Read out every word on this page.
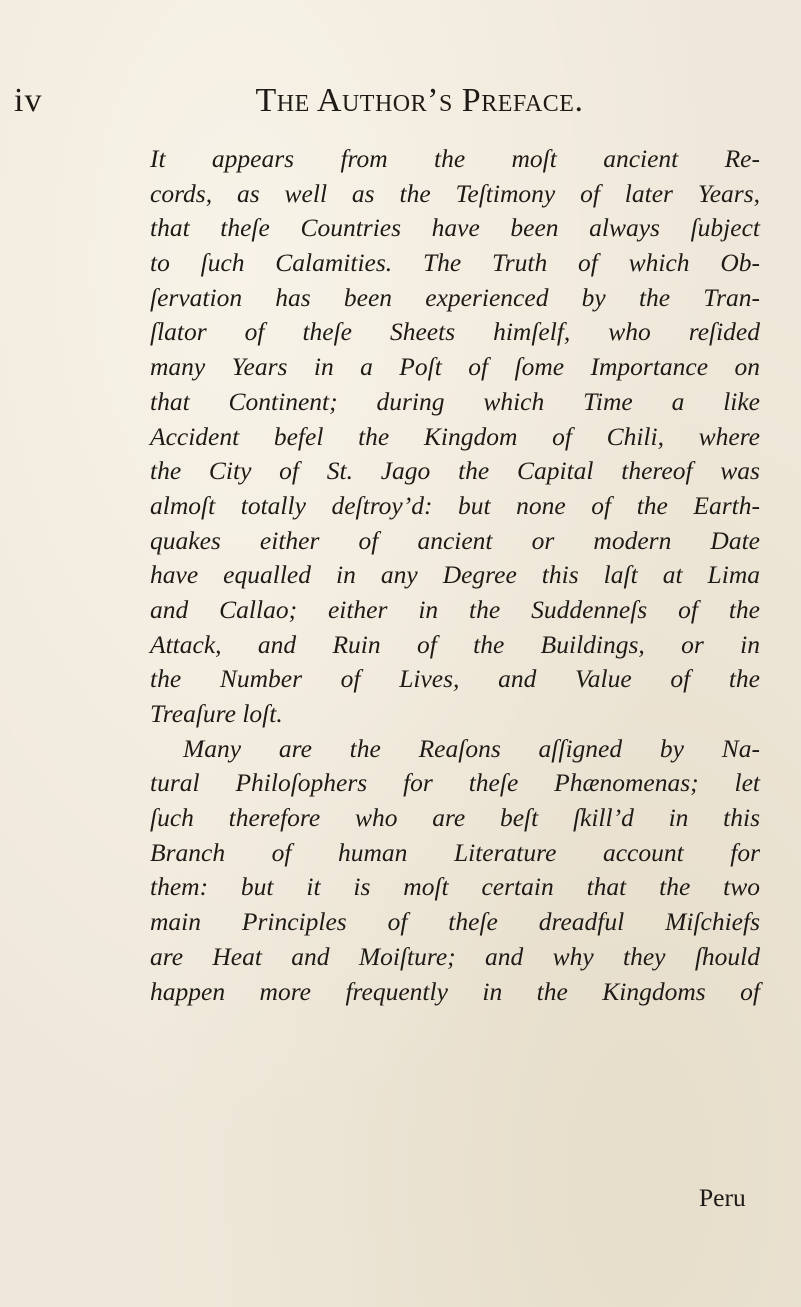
iv	The Author’s Preface.
It appears from the moſt ancient Re-
cords, as well as the Teſtimony of later Years,
that theſe Countries have been always ſubject
to ſuch Calamities. The Truth of which Ob-
ſervation has been experienced by the Tran-
ſlator of theſe Sheets himſelf, who reſided
many Years in a Poſt of ſome Importance on
that Continent; during which Time a like
Accident befel the Kingdom of Chili, where
the City of St. Jago the Capital thereof was
almoſt totally deſtroy’d: but none of the Earth-
quakes either of ancient or modern Date
have equalled in any Degree this laſt at Lima
and Callao; either in the Suddenneſs of the
Attack, and Ruin of the Buildings, or in
the Number of Lives, and Value of the
Treaſure loſt.
Many are the Reaſons aſſigned by Na-
tural Philoſophers for theſe Phænomenas; let
ſuch therefore who are beſt ſkill’d in this
Branch of human Literature account for
them: but it is moſt certain that the two
main Principles of theſe dreadful Miſchiefs
are Heat and Moiſture; and why they ſhould
happen more frequently in the Kingdoms of
Peru
